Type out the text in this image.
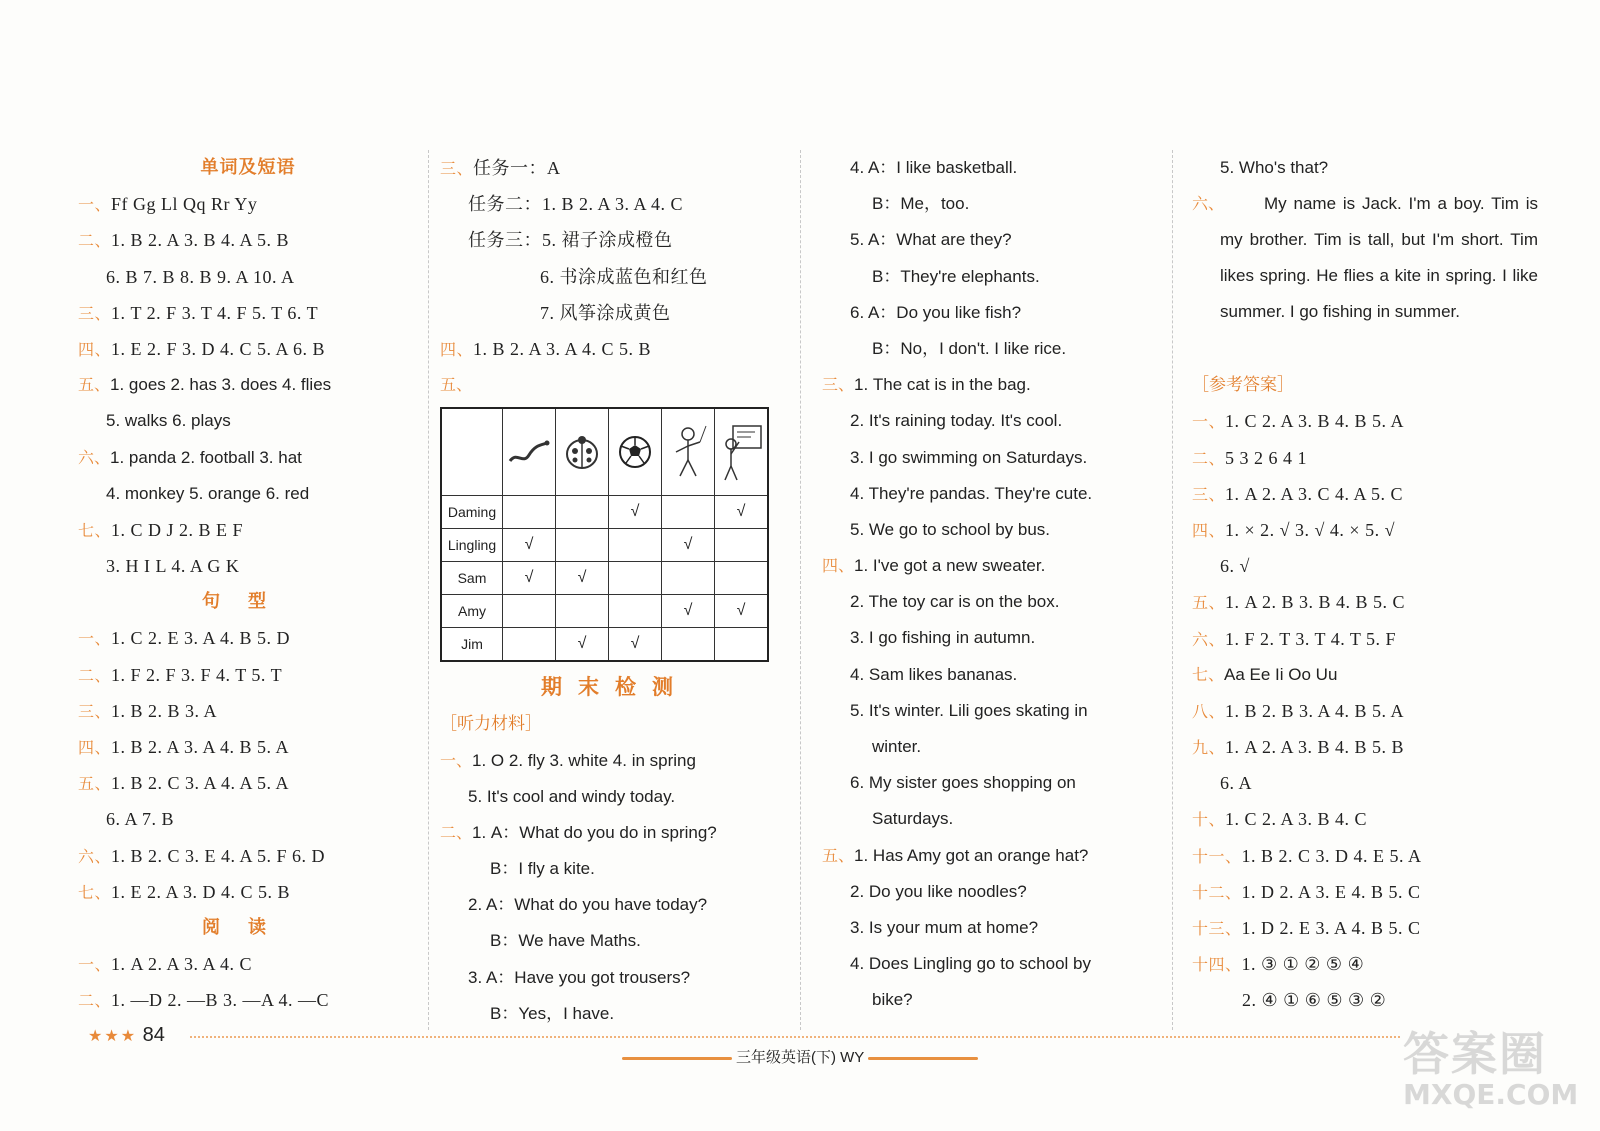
单词及短语
一、Ff Gg Ll Qq Rr Yy
二、1. B 2. A 3. B 4. A 5. B
6. B 7. B 8. B 9. A 10. A
三、1. T 2. F 3. T 4. F 5. T 6. T
四、1. E 2. F 3. D 4. C 5. A 6. B
五、1. goes 2. has 3. does 4. flies
5. walks 6. plays
六、1. panda 2. football 3. hat
4. monkey 5. orange 6. red
七、1. C D J 2. B E F
3. H I L 4. A G K
句型
一、1. C 2. E 3. A 4. B 5. D
二、1. F 2. F 3. F 4. T 5. T
三、1. B 2. B 3. A
四、1. B 2. A 3. A 4. B 5. A
五、1. B 2. C 3. A 4. A 5. A
6. A 7. B
六、1. B 2. C 3. E 4. A 5. F 6. D
七、1. E 2. A 3. D 4. C 5. B
阅读
一、1. A 2. A 3. A 4. C
二、1. —D 2. —B 3. —A 4. —C
三、任务一：A
任务二：1. B 2. A 3. A 4. C
任务三：5. 裙子涂成橙色
6. 书涂成蓝色和红色
7. 风筝涂成黄色
四、1. B 2. A 3. A 4. C 5. B
五、

Daming			√		√
Lingling	√			√	
Sam	√	√			
Amy				√	√
Jim		√	√		
期末检测
［听力材料］
一、1. O 2. fly 3. white 4. in spring
5. It's cool and windy today.
二、1. A：What do you do in spring?
B：I fly a kite.
2. A：What do you have today?
B：We have Maths.
3. A：Have you got trousers?
B：Yes，I have.
4. A：I like basketball.
B：Me，too.
5. A：What are they?
B：They're elephants.
6. A：Do you like fish?
B：No，I don't. I like rice.
三、1. The cat is in the bag.
2. It's raining today. It's cool.
3. I go swimming on Saturdays.
4. They're pandas. They're cute.
5. We go to school by bus.
四、1. I've got a new sweater.
2. The toy car is on the box.
3. I go fishing in autumn.
4. Sam likes bananas.
5. It's winter. Lili goes skating in
winter.
6. My sister goes shopping on
Saturdays.
五、1. Has Amy got an orange hat?
2. Do you like noodles?
3. Is your mum at home?
4. Does Lingling go to school by
bike?
5. Who's that?
六、	My name is Jack. I'm a boy. Tim is my brother. Tim is tall, but I'm short. Tim likes spring. He flies a kite in spring. I like summer. I go fishing in summer.
［参考答案］
一、1. C 2. A 3. B 4. B 5. A
二、5 3 2 6 4 1
三、1. A 2. A 3. C 4. A 5. C
四、1. × 2. √ 3. √ 4. × 5. √
6. √
五、1. A 2. B 3. B 4. B 5. C
六、1. F 2. T 3. T 4. T 5. F
七、Aa Ee Ii Oo Uu
八、1. B 2. B 3. A 4. B 5. A
九、1. A 2. A 3. B 4. B 5. B
6. A
十、1. C 2. A 3. B 4. C
十一、1. B 2. C 3. D 4. E 5. A
十二、1. D 2. A 3. E 4. B 5. C
十三、1. D 2. E 3. A 4. B 5. C
十四、1. ③ ① ② ⑤ ④
2. ④ ① ⑥ ⑤ ③ ②
★★★ 84
三年级英语(下) WY	答案圈
MXQE.COM
